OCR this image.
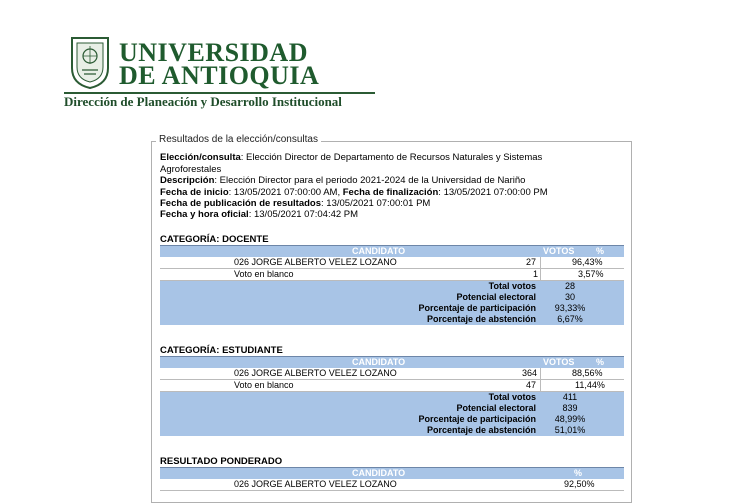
UNIVERSIDAD
DE ANTIOQUIA
Dirección de Planeación y Desarrollo Institucional
Resultados de la elección/consultas
Elección/consulta: Elección Director de Departamento de Recursos Naturales y Sistemas
Agroforestales
Descripción: Elección Director para el periodo 2021-2024 de la Universidad de Nariño
Fecha de inicio: 13/05/2021 07:00:00 AM, Fecha de finalización: 13/05/2021 07:00:00 PM
Fecha de publicación de resultados: 13/05/2021 07:00:01 PM
Fecha y hora oficial: 13/05/2021 07:04:42 PM
CATEGORÍA: DOCENTE
CANDIDATO	VOTOS %
026 JORGE ALBERTO VELEZ LOZANO	27	96,43%
Voto en blanco	1	3,57%
Total votos	28
Potencial electoral	30
Porcentaje de participación	93,33%
Porcentaje de abstención	6,67%
CATEGORÍA: ESTUDIANTE
CANDIDATO	VOTOS %
026 JORGE ALBERTO VELEZ LOZANO	364	88,56%
Voto en blanco	47	11,44%
Total votos	411
Potencial electoral	839
Porcentaje de participación	48,99%
Porcentaje de abstención	51,01%
RESULTADO PONDERADO
CANDIDATO	%
026 JORGE ALBERTO VELEZ LOZANO	92,50%
